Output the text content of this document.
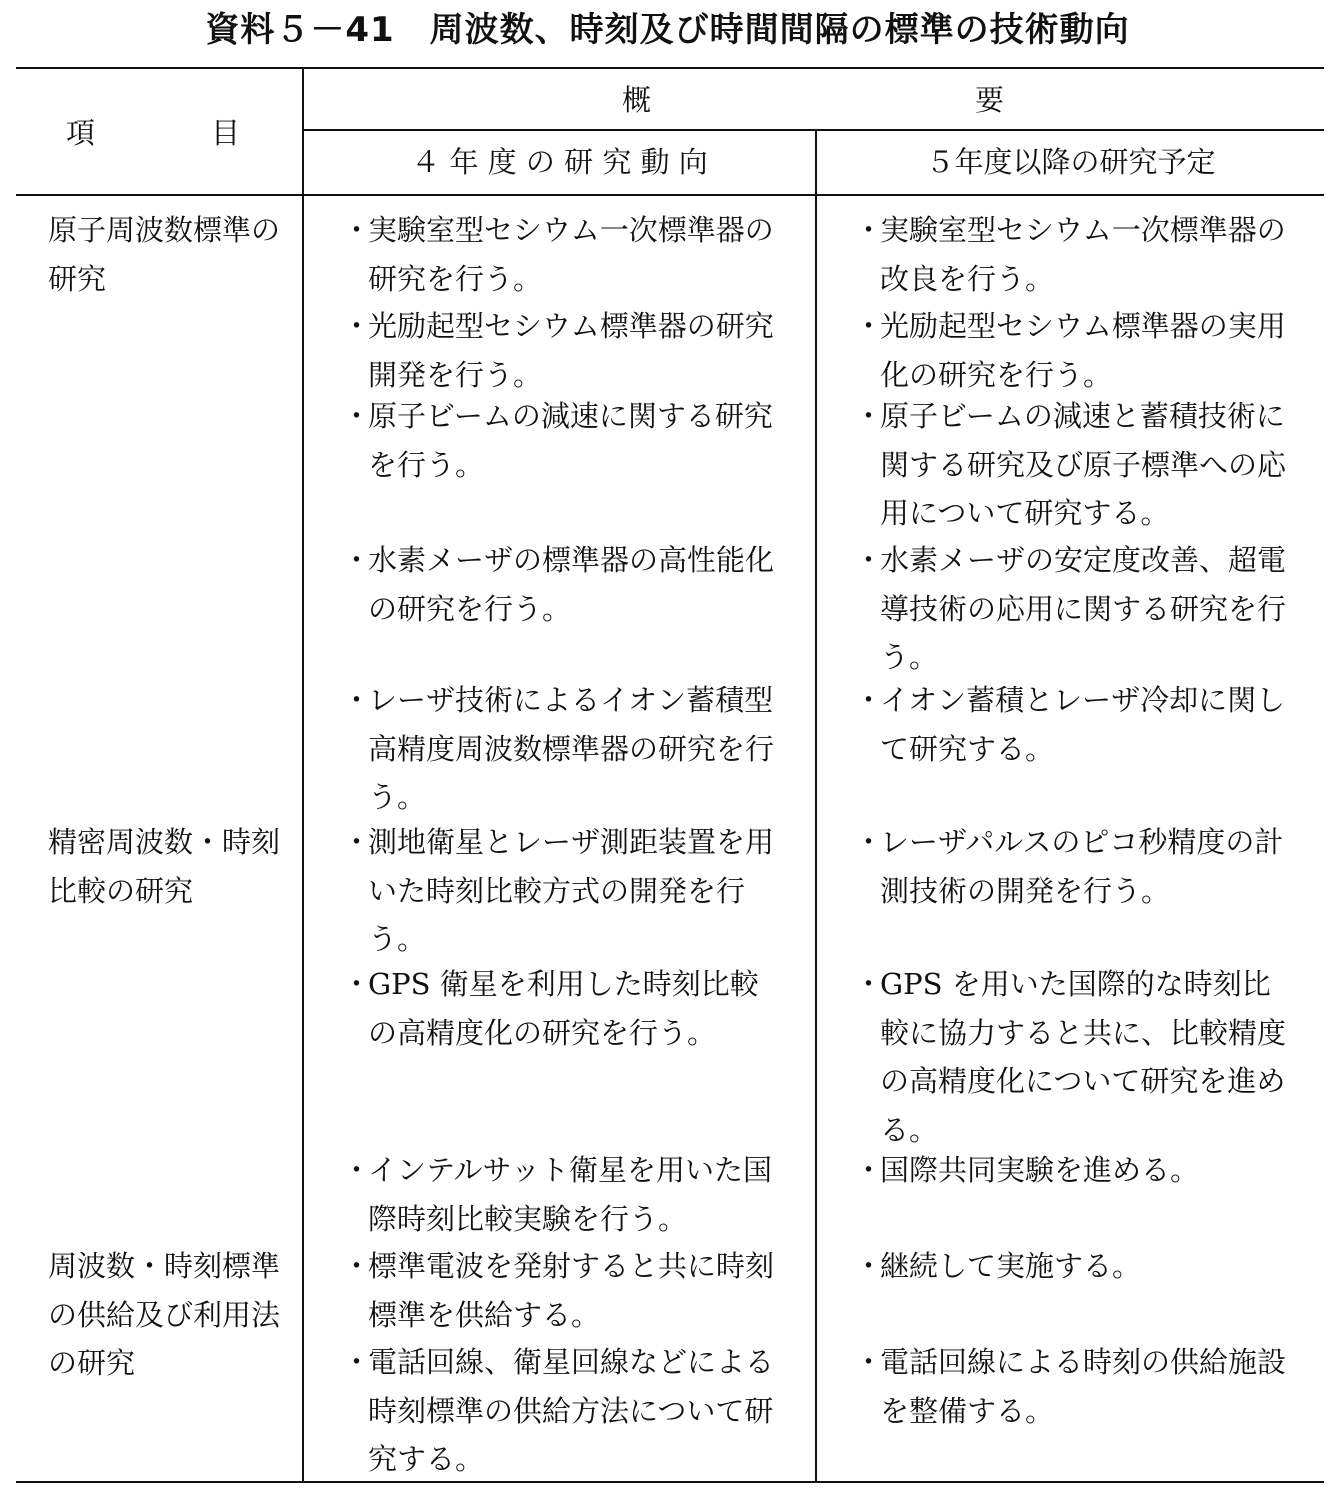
資料５－41　周波数、時刻及び時間間隔の標準の技術動向
項　　　　目
概	要
４ 年 度 の 研 究 動 向	５年度以降の研究予定
原子周波数標準の研究
・
実験室型セシウム一次標準器の研究を行う。
・
光励起型セシウム標準器の研究開発を行う。
・
原子ビームの減速に関する研究を行う。
・
水素メーザの標準器の高性能化の研究を行う。
・
レーザ技術によるイオン蓄積型高精度周波数標準器の研究を行う。
・
実験室型セシウム一次標準器の改良を行う。
・
光励起型セシウム標準器の実用化の研究を行う。
・
原子ビームの減速と蓄積技術に関する研究及び原子標準への応用について研究する。
・
水素メーザの安定度改善、超電導技術の応用に関する研究を行う。
・
イオン蓄積とレーザ冷却に関して研究する。
精密周波数・時刻比較の研究
・
測地衛星とレーザ測距装置を用いた時刻比較方式の開発を行う。
・
GPS 衛星を利用した時刻比較の高精度化の研究を行う。
・
インテルサット衛星を用いた国際時刻比較実験を行う。
・
レーザパルスのピコ秒精度の計測技術の開発を行う。
・
GPS を用いた国際的な時刻比較に協力すると共に、比較精度の高精度化について研究を進める。
・
国際共同実験を進める。
周波数・時刻標準の供給及び利用法の研究
・
標準電波を発射すると共に時刻標準を供給する。
・
電話回線、衛星回線などによる時刻標準の供給方法について研究する。
・
継続して実施する。
・
電話回線による時刻の供給施設を整備する。
